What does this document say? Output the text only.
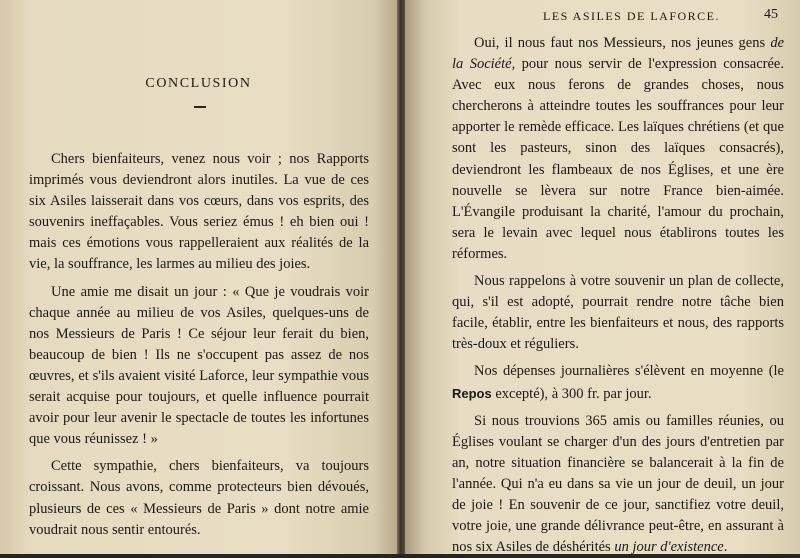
CONCLUSION

Chers bienfaiteurs, venez nous voir ; nos Rapports imprimés vous deviendront alors inutiles. La vue de ces six Asiles laisserait dans vos cœurs, dans vos esprits, des souvenirs ineffaçables. Vous seriez émus ! eh bien oui ! mais ces émotions vous rappelleraient aux réalités de la vie, la souffrance, les larmes au milieu des joies.

Une amie me disait un jour : « Que je voudrais voir chaque année au milieu de vos Asiles, quelques-uns de nos Messieurs de Paris ! Ce séjour leur ferait du bien, beaucoup de bien ! Ils ne s'occupent pas assez de nos œuvres, et s'ils avaient visité Laforce, leur sympathie vous serait acquise pour toujours, et quelle influence pourrait avoir pour leur avenir le spectacle de toutes les infortunes que vous réunissez ! »

Cette sympathie, chers bienfaiteurs, va toujours croissant. Nous avons, comme protecteurs bien dévoués, plusieurs de ces « Messieurs de Paris » dont notre amie voudrait nous sentir entourés.

LES ASILES DE LAFORCE.	45

Oui, il nous faut nos Messieurs, nos jeunes gens de la Société, pour nous servir de l'expression consacrée. Avec eux nous ferons de grandes choses, nous chercherons à atteindre toutes les souffrances pour leur apporter le remède efficace. Les laïques chrétiens (et que sont les pasteurs, sinon des laïques consacrés), deviendront les flambeaux de nos Églises, et une ère nouvelle se lèvera sur notre France bien-aimée. L'Évangile produisant la charité, l'amour du prochain, sera le levain avec lequel nous établirons toutes les réformes.

Nous rappelons à votre souvenir un plan de collecte, qui, s'il est adopté, pourrait rendre notre tâche bien facile, établir, entre les bienfaiteurs et nous, des rapports très-doux et réguliers.

Nos dépenses journalières s'élèvent en moyenne (le Repos excepté), à 300 fr. par jour.

Si nous trouvions 365 amis ou familles réunies, ou Églises voulant se charger d'un des jours d'entretien par an, notre situation financière se balancerait à la fin de l'année. Qui n'a eu dans sa vie un jour de deuil, un jour de joie ! En souvenir de ce jour, sanctifiez votre deuil, votre joie, une grande délivrance peut-être, en assurant à nos six Asiles de déshérités un jour d'existence.
